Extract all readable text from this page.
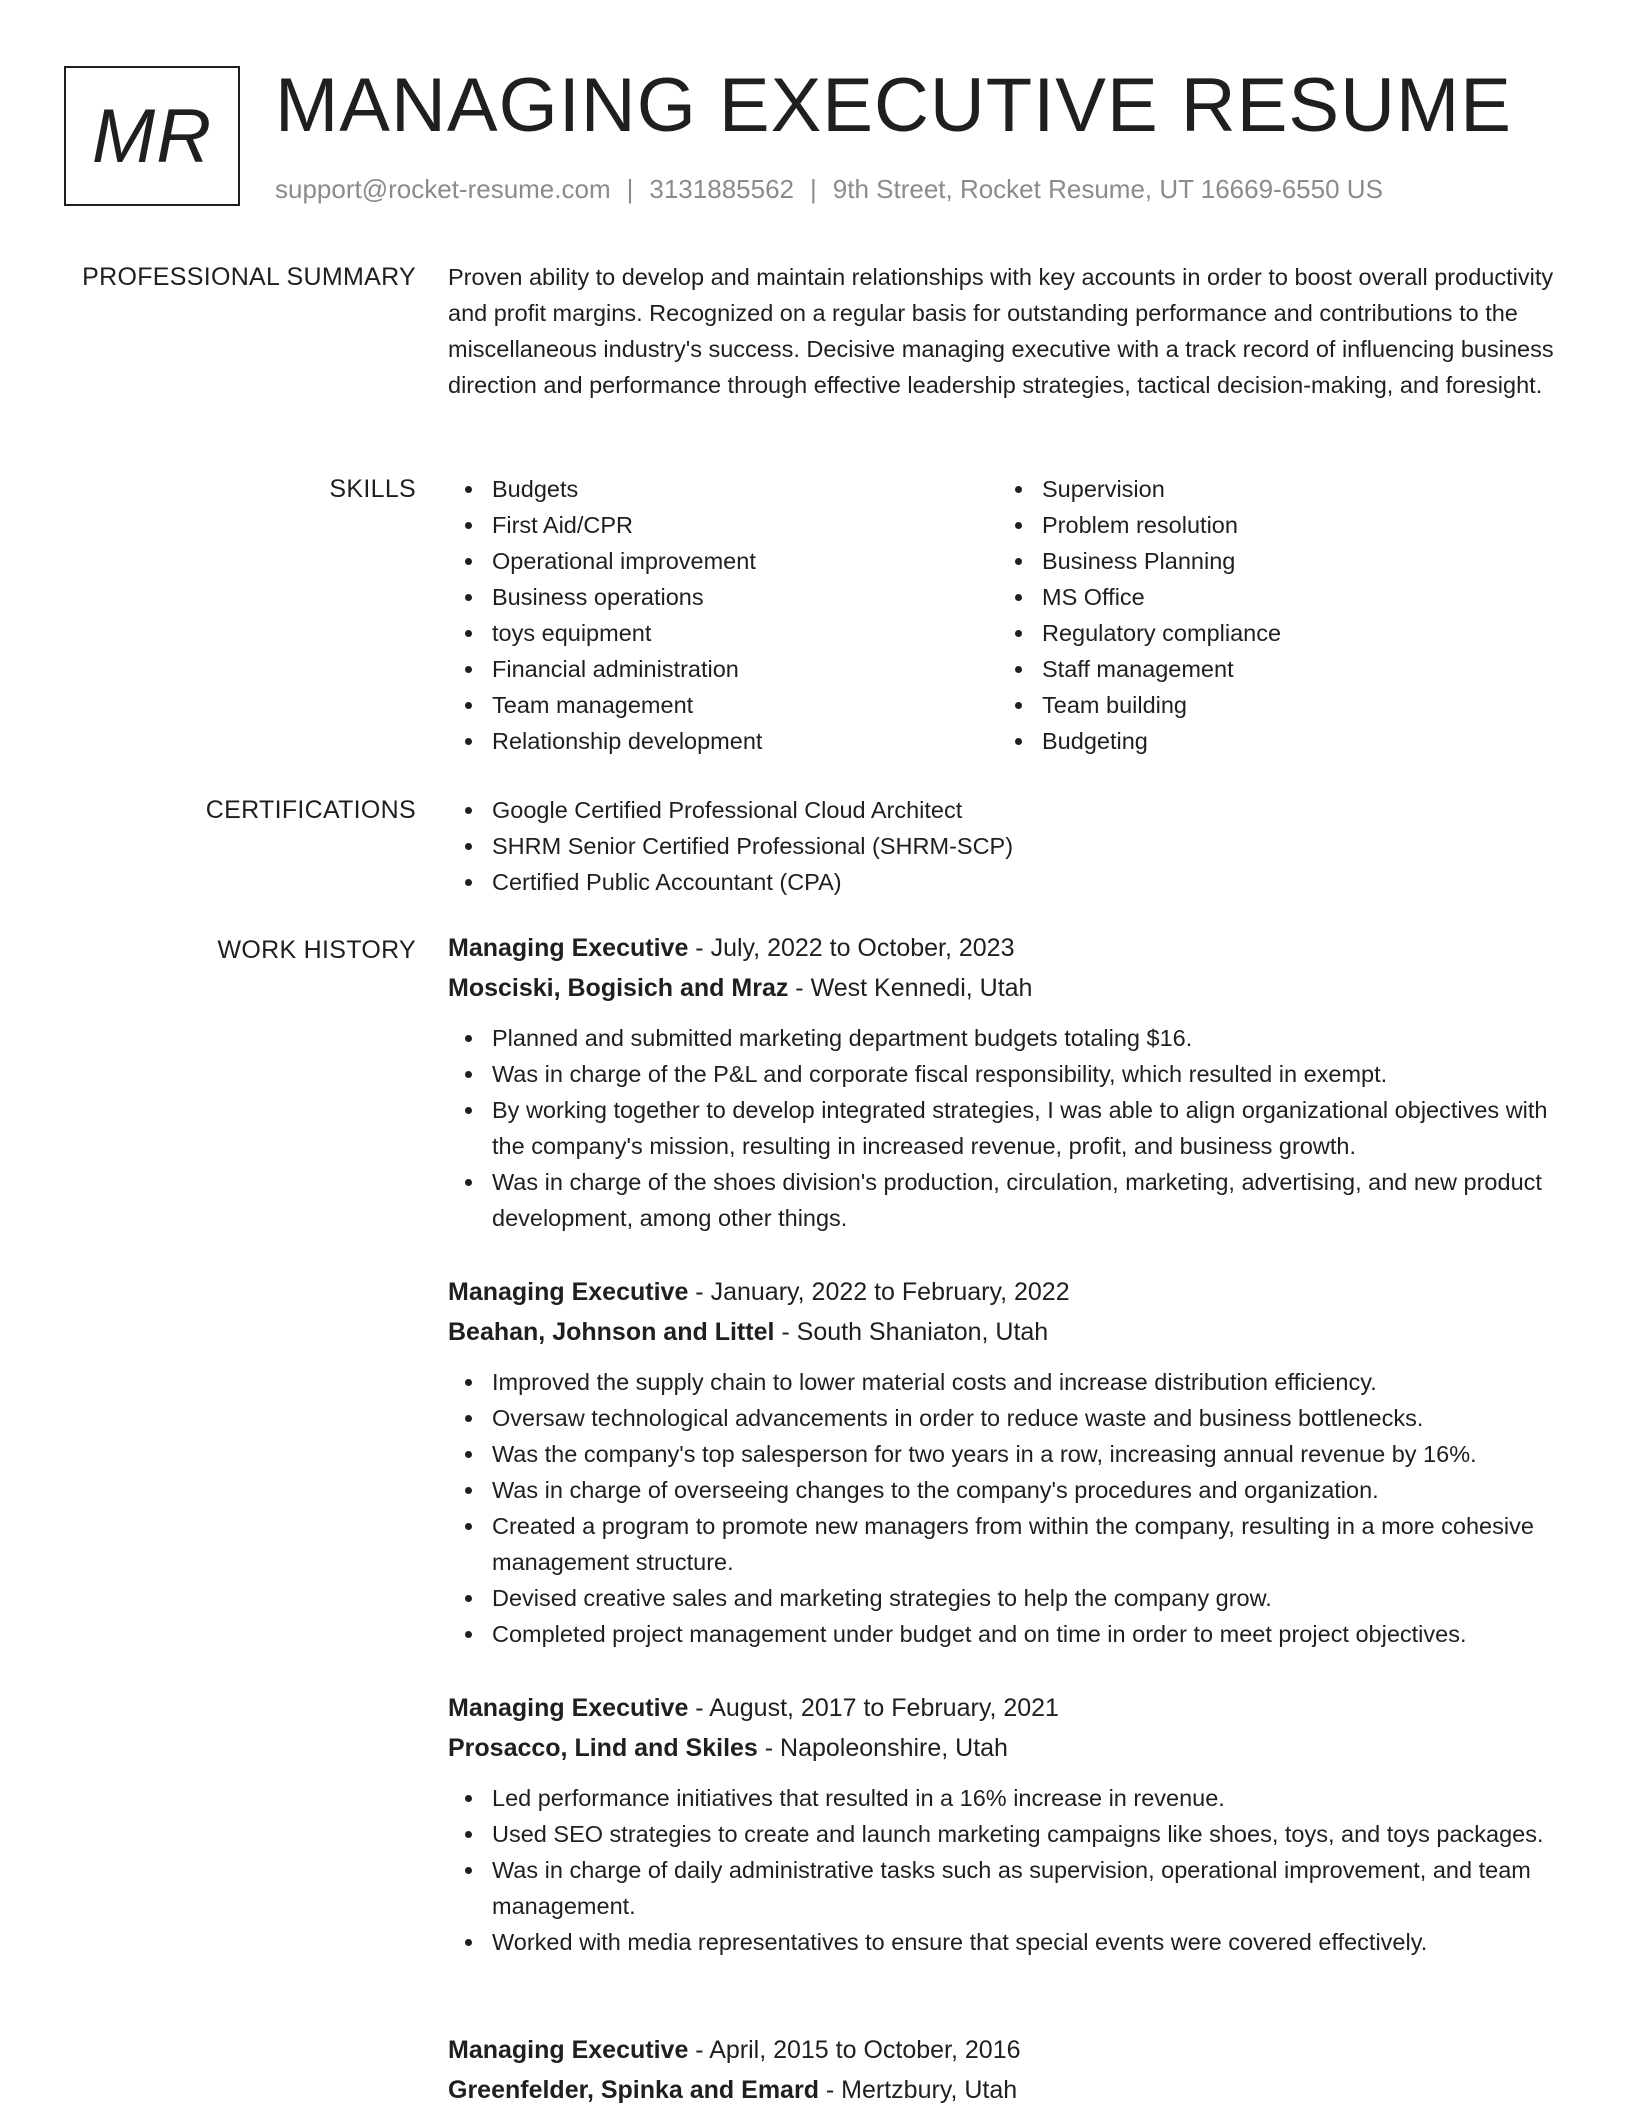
MR MANAGING EXECUTIVE RESUME
support@rocket-resume.com | 3131885562 | 9th Street, Rocket Resume, UT 16669-6550 US
PROFESSIONAL SUMMARY Proven ability to develop and maintain relationships with key accounts in order to boost overall productivity and profit margins. Recognized on a regular basis for outstanding performance and contributions to the miscellaneous industry's success. Decisive managing executive with a track record of influencing business direction and performance through effective leadership strategies, tactical decision-making, and foresight.

SKILLS	Budgets
First Aid/CPR
Operational improvement
Business operations
toys equipment
Financial administration
Team management
Relationship development
Supervision
Problem resolution
Business Planning
MS Office
Regulatory compliance
Staff management
Team building
Budgeting
CERTIFICATIONS	Google Certified Professional Cloud Architect
SHRM Senior Certified Professional (SHRM-SCP)
Certified Public Accountant (CPA)
WORK HISTORY Managing Executive - July, 2022 to October, 2023
Mosciski, Bogisich and Mraz - West Kennedi, Utah
Planned and submitted marketing department budgets totaling $16.
Was in charge of the P&L and corporate fiscal responsibility, which resulted in exempt.
By working together to develop integrated strategies, I was able to align organizational objectives with the company's mission, resulting in increased revenue, profit, and business growth.
Was in charge of the shoes division's production, circulation, marketing, advertising, and new product development, among other things.
Managing Executive - January, 2022 to February, 2022
Beahan, Johnson and Littel - South Shaniaton, Utah
Improved the supply chain to lower material costs and increase distribution efficiency.
Oversaw technological advancements in order to reduce waste and business bottlenecks.
Was the company's top salesperson for two years in a row, increasing annual revenue by 16%.
Was in charge of overseeing changes to the company's procedures and organization.
Created a program to promote new managers from within the company, resulting in a more cohesive management structure.
Devised creative sales and marketing strategies to help the company grow.
Completed project management under budget and on time in order to meet project objectives.
Managing Executive - August, 2017 to February, 2021
Prosacco, Lind and Skiles - Napoleonshire, Utah
Led performance initiatives that resulted in a 16% increase in revenue.
Used SEO strategies to create and launch marketing campaigns like shoes, toys, and toys packages.
Was in charge of daily administrative tasks such as supervision, operational improvement, and team management.
Worked with media representatives to ensure that special events were covered effectively.
Managing Executive - April, 2015 to October, 2016
Greenfelder, Spinka and Emard - Mertzbury, Utah
